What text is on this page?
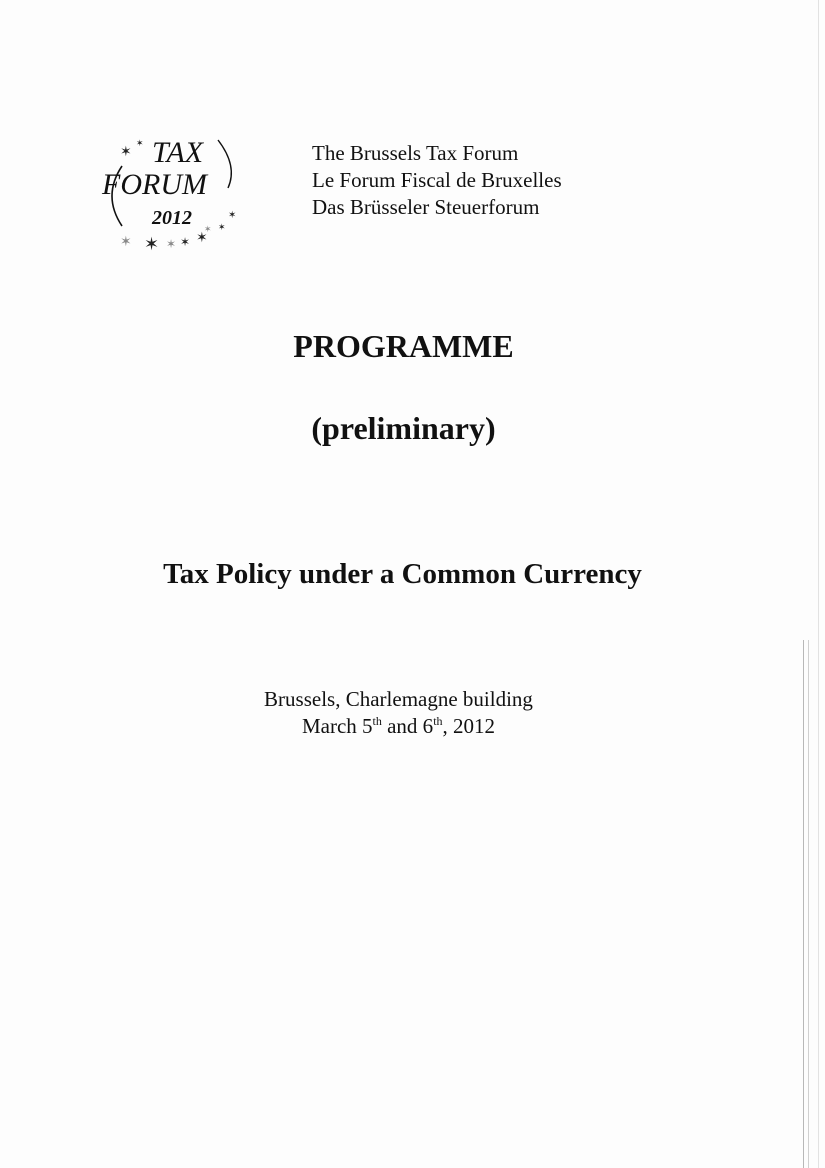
TAX
FORUM
2012
✶
✶
✶
✶
✶ ✶ ✶ ✶ ✶
✶
The Brussels Tax Forum
Le Forum Fiscal de Bruxelles
Das Brüsseler Steuerforum
PROGRAMME
(preliminary)
Tax Policy under a Common Currency
Brussels, Charlemagne building
March 5th and 6th, 2012
